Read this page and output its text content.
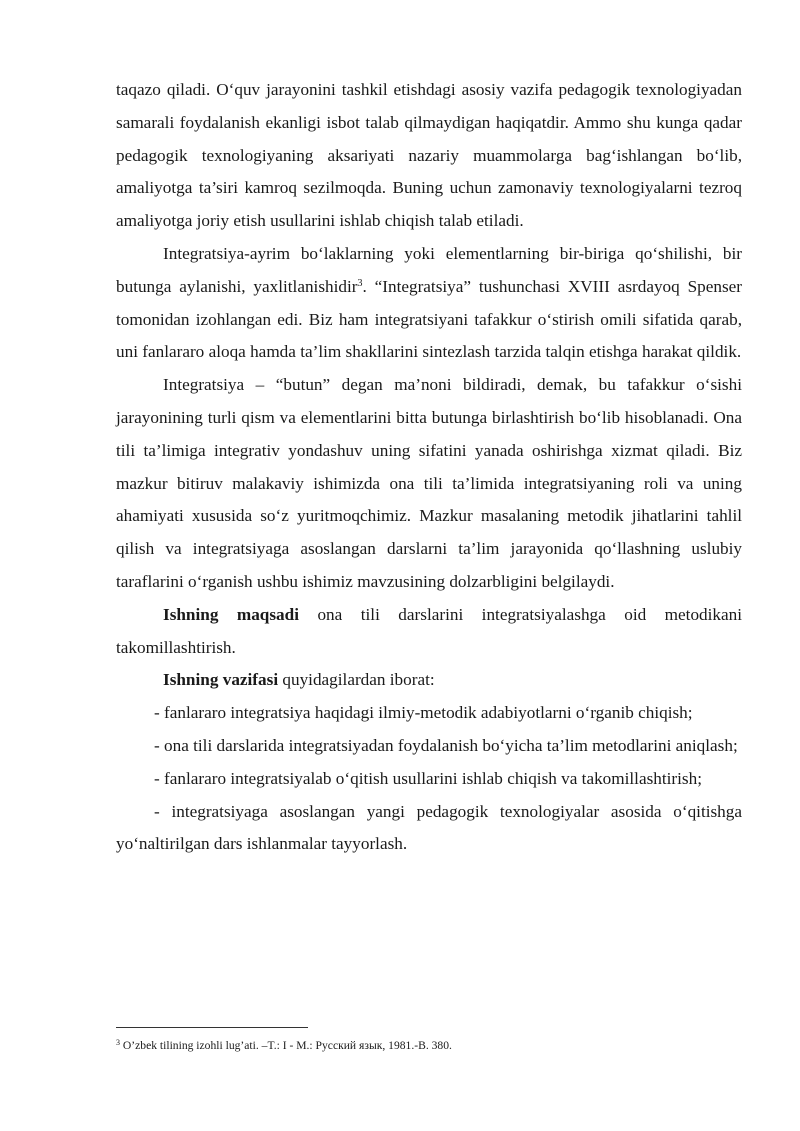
taqazo qiladi. O‘quv jarayonini tashkil etishdagi asosiy vazifa pedagogik texnologiyadan samarali foydalanish ekanligi isbot talab qilmaydigan haqiqatdir. Ammo shu kunga qadar pedagogik texnologiyaning aksariyati nazariy muammolarga bag‘ishlangan bo‘lib, amaliyotga ta’siri kamroq sezilmoqda. Buning uchun zamonaviy texnologiyalarni tezroq amaliyotga joriy etish usullarini ishlab chiqish talab etiladi.

Integratsiya-ayrim bo‘laklarning yoki elementlarning bir-biriga qo‘shilishi, bir butunga aylanishi, yaxlitlanishidir$^3$. “Integratsiya” tushunchasi XVIII asrdayoq Spenser tomonidan izohlangan edi. Biz ham integratsiyani tafakkur o‘stirish omili sifatida qarab, uni fanlararo aloqa hamda ta’lim shakllarini sintezlash tarzida talqin etishga harakat qildik.

Integratsiya – “butun” degan ma’noni bildiradi, demak, bu tafakkur o‘sishi jarayonining turli qism va elementlarini bitta butunga birlashtirish bo‘lib hisoblanadi. Ona tili ta’limiga integrativ yondashuv uning sifatini yanada oshirishga xizmat qiladi. Biz mazkur bitiruv malakaviy ishimizda ona tili ta’limida integratsiyaning roli va uning ahamiyati xususida so‘z yuritmoqchimiz. Mazkur masalaning metodik jihatlarini tahlil qilish va integratsiyaga asoslangan darslarni ta’lim jarayonida qo‘llashning uslubiy taraflarini o‘rganish ushbu ishimiz mavzusining dolzarbligini belgilaydi.

Ishning maqsadi ona tili darslarini integratsiyalashga oid metodikani takomillashtirish.

Ishning vazifasi quyidagilardan iborat:

- fanlararo integratsiya haqidagi ilmiy-metodik adabiyotlarni o‘rganib chiqish;

- ona tili darslarida integratsiyadan foydalanish bo‘yicha ta’lim metodlarini aniqlash;

- fanlararo integratsiyalab o‘qitish usullarini ishlab chiqish va takomillashtirish;

- integratsiyaga asoslangan yangi pedagogik texnologiyalar asosida o‘qitishga yo‘naltirilgan dars ishlanmalar tayyorlash.

$^3$ O’zbek tilining izohli lug’ati. –T.: I - M.: Русский язык, 1981.-B. 380.
